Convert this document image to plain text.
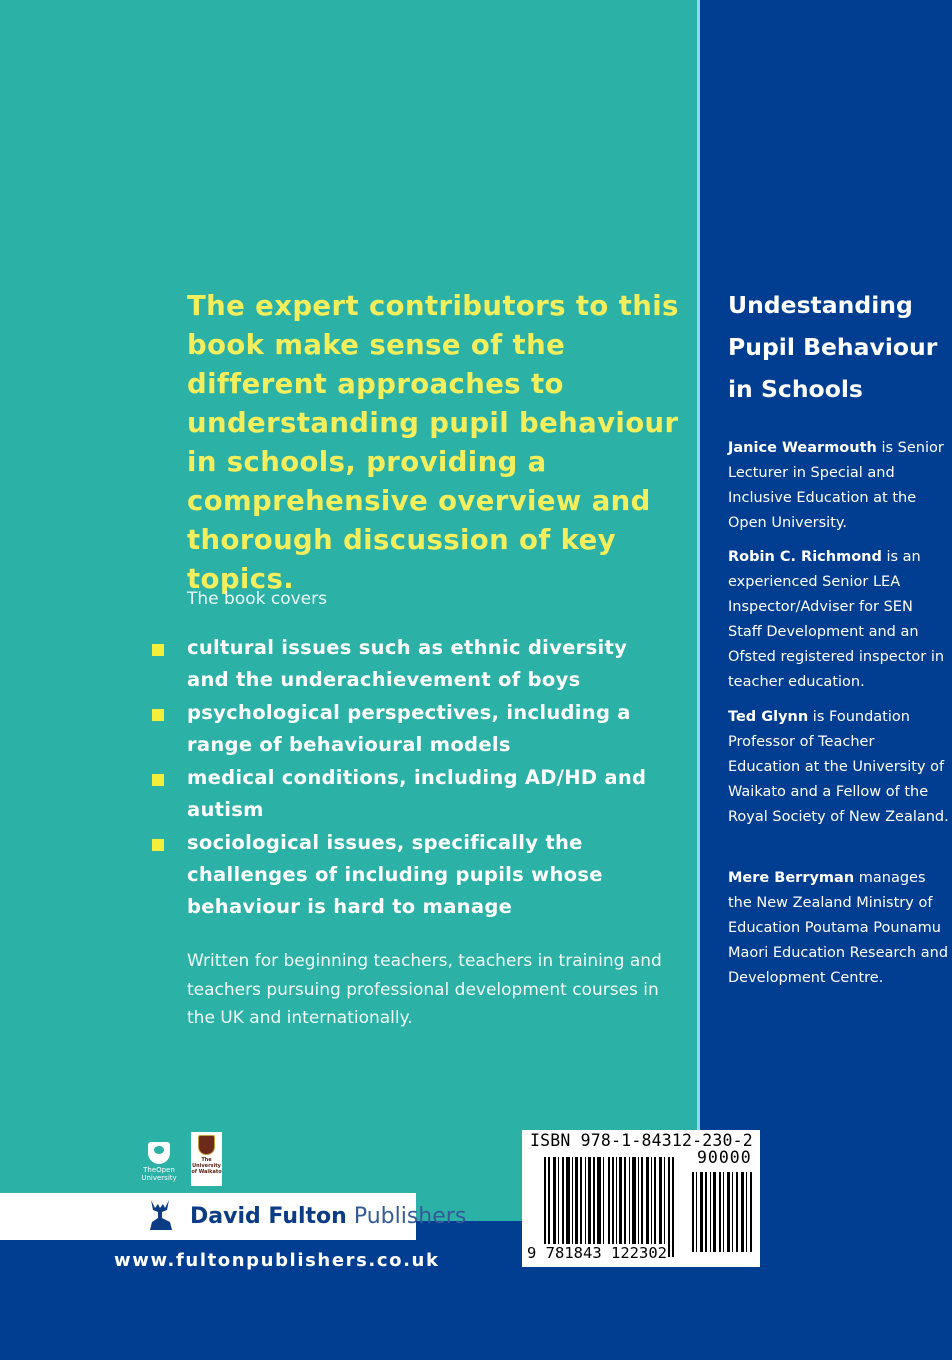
The expert contributors to this book make sense of the different approaches to understanding pupil behaviour in schools, providing a comprehensive overview and thorough discussion of key topics.

The book covers

cultural issues such as ethnic diversity and the underachievement of boys
psychological perspectives, including a range of behavioural models
medical conditions, including AD/HD and autism
sociological issues, specifically the challenges of including pupils whose behaviour is hard to manage

Written for beginning teachers, teachers in training and teachers pursuing professional development courses in the UK and internationally.

Undestanding Pupil Behaviour in Schools

Janice Wearmouth is Senior Lecturer in Special and Inclusive Education at the Open University.

Robin C. Richmond is an experienced Senior LEA Inspector/Adviser for SEN Staff Development and an Ofsted registered inspector in teacher education.

Ted Glynn is Foundation Professor of Teacher Education at the University of Waikato and a Fellow of the Royal Society of New Zealand.

Mere Berryman manages the New Zealand Ministry of Education Poutama Pounamu Maori Education Research and Development Centre.

TheOpen University
The University of Waikato
David Fulton Publishers
www.fultonpublishers.co.uk
ISBN 978-1-84312-230-2
90000
9 781843 122302
